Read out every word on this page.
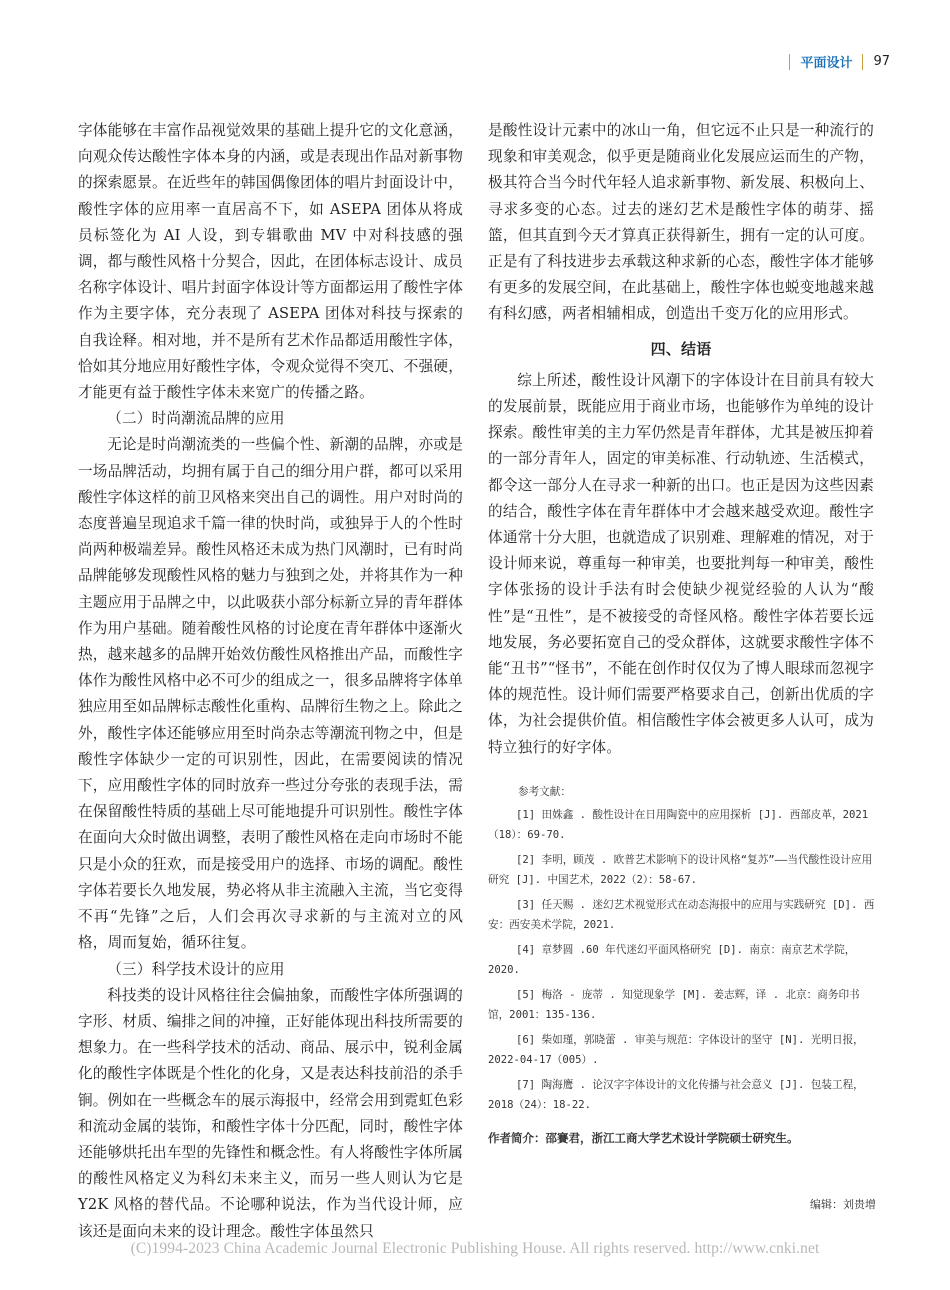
平面设计 97

字体能够在丰富作品视觉效果的基础上提升它的文化意涵，向观众传达酸性字体本身的内涵，或是表现出作品对新事物的探索愿景。在近些年的韩国偶像团体的唱片封面设计中，酸性字体的应用率一直居高不下，如 ASEPA 团体从将成员标签化为 AI 人设，到专辑歌曲 MV 中对科技感的强调，都与酸性风格十分契合，因此，在团体标志设计、成员名称字体设计、唱片封面字体设计等方面都运用了酸性字体作为主要字体，充分表现了 ASEPA 团体对科技与探索的自我诠释。相对地，并不是所有艺术作品都适用酸性字体，恰如其分地应用好酸性字体，令观众觉得不突兀、不强硬，才能更有益于酸性字体未来宽广的传播之路。

（二）时尚潮流品牌的应用

无论是时尚潮流类的一些偏个性、新潮的品牌，亦或是一场品牌活动，均拥有属于自己的细分用户群，都可以采用酸性字体这样的前卫风格来突出自己的调性。用户对时尚的态度普遍呈现追求千篇一律的快时尚，或独异于人的个性时尚两种极端差异。酸性风格还未成为热门风潮时，已有时尚品牌能够发现酸性风格的魅力与独到之处，并将其作为一种主题应用于品牌之中，以此吸获小部分标新立异的青年群体作为用户基础。随着酸性风格的讨论度在青年群体中逐渐火热，越来越多的品牌开始效仿酸性风格推出产品，而酸性字体作为酸性风格中必不可少的组成之一，很多品牌将字体单独应用至如品牌标志酸性化重构、品牌衍生物之上。除此之外，酸性字体还能够应用至时尚杂志等潮流刊物之中，但是酸性字体缺少一定的可识别性，因此，在需要阅读的情况下，应用酸性字体的同时放弃一些过分夸张的表现手法，需在保留酸性特质的基础上尽可能地提升可识别性。酸性字体在面向大众时做出调整，表明了酸性风格在走向市场时不能只是小众的狂欢，而是接受用户的选择、市场的调配。酸性字体若要长久地发展，势必将从非主流融入主流，当它变得不再“先锋”之后，人们会再次寻求新的与主流对立的风格，周而复始，循环往复。

（三）科学技术设计的应用

科技类的设计风格往往会偏抽象，而酸性字体所强调的字形、材质、编排之间的冲撞，正好能体现出科技所需要的想象力。在一些科学技术的活动、商品、展示中，锐利金属化的酸性字体既是个性化的化身，又是表达科技前沿的杀手锏。例如在一些概念车的展示海报中，经常会用到霓虹色彩和流动金属的装饰，和酸性字体十分匹配，同时，酸性字体还能够烘托出车型的先锋性和概念性。有人将酸性字体所属的酸性风格定义为科幻未来主义，而另一些人则认为它是 Y2K 风格的替代品。不论哪种说法，作为当代设计师，应该还是面向未来的设计理念。酸性字体虽然只

是酸性设计元素中的冰山一角，但它远不止只是一种流行的现象和审美观念，似乎更是随商业化发展应运而生的产物，极其符合当今时代年轻人追求新事物、新发展、积极向上、寻求多变的心态。过去的迷幻艺术是酸性字体的萌芽、摇篮，但其直到今天才算真正获得新生，拥有一定的认可度。正是有了科技进步去承载这种求新的心态，酸性字体才能够有更多的发展空间，在此基础上，酸性字体也蜕变地越来越有科幻感，两者相辅相成，创造出千变万化的应用形式。

四、结语

综上所述，酸性设计风潮下的字体设计在目前具有较大的发展前景，既能应用于商业市场，也能够作为单纯的设计探索。酸性审美的主力军仍然是青年群体，尤其是被压抑着的一部分青年人，固定的审美标准、行动轨迹、生活模式，都令这一部分人在寻求一种新的出口。也正是因为这些因素的结合，酸性字体在青年群体中才会越来越受欢迎。酸性字体通常十分大胆，也就造成了识别难、理解难的情况，对于设计师来说，尊重每一种审美，也要批判每一种审美，酸性字体张扬的设计手法有时会使缺少视觉经验的人认为“酸性”是“丑性”，是不被接受的奇怪风格。酸性字体若要长远地发展，务必要拓宽自己的受众群体，这就要求酸性字体不能“丑书”“怪书”，不能在创作时仅仅为了博人眼球而忽视字体的规范性。设计师们需要严格要求自己，创新出优质的字体，为社会提供价值。相信酸性字体会被更多人认可，成为特立独行的好字体。

参考文献：
[1] 田姝鑫 . 酸性设计在日用陶瓷中的应用探析 [J]. 西部皮革，2021（18）：69-70.
[2] 李明，顾茂 . 欧普艺术影响下的设计风格“复苏”——当代酸性设计应用研究 [J]. 中国艺术，2022（2）：58-67.
[3] 任天赐 . 迷幻艺术视觉形式在动态海报中的应用与实践研究 [D]. 西安：西安美术学院，2021.
[4] 章梦圆 .60 年代迷幻平面风格研究 [D]. 南京：南京艺术学院，2020.
[5] 梅洛 - 庞蒂 . 知觉现象学 [M]. 姜志辉，译 . 北京：商务印书馆，2001：135-136.
[6] 柴如瑾，郭晓蕾 . 审美与规范：字体设计的坚守 [N]. 光明日报，2022-04-17（005）.
[7] 陶海鹰 . 论汉字字体设计的文化传播与社会意义 [J]. 包装工程，2018（24）：18-22.
作者简介：邵賽君，浙江工商大学艺术设计学院硕士研究生。
编辑：刘贵增
(C)1994-2023 China Academic Journal Electronic Publishing House. All rights reserved. http://www.cnki.net
